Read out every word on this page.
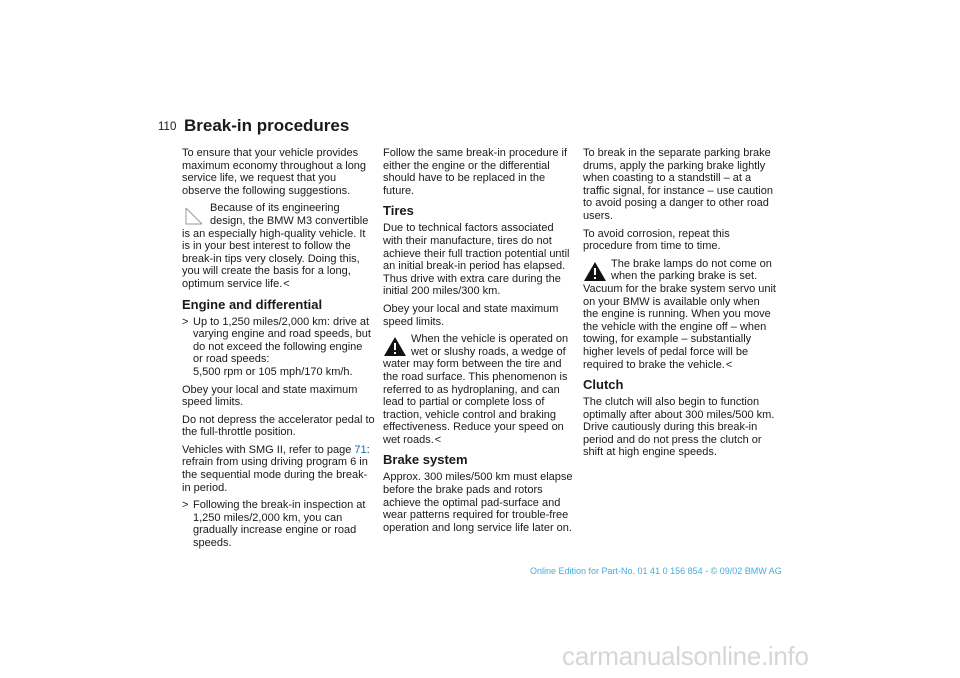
110 Break-in procedures

To ensure that your vehicle provides maximum economy throughout a long service life, we request that you observe the following suggestions.

Because of its engineering design, the BMW M3 convertible is an especially high-quality vehicle. It is in your best interest to follow the break-in tips very closely. Doing this, you will create the basis for a long, optimum service life.<
Engine and differential
> Up to 1,250 miles/2,000 km: drive at varying engine and road speeds, but do not exceed the following engine or road speeds:
5,500 rpm or 105 mph/170 km/h.

Obey your local and state maximum speed limits.

Do not depress the accelerator pedal to the full-throttle position.

Vehicles with SMG II, refer to page 71: refrain from using driving program 6 in the sequential mode during the break-in period.

> Following the break-in inspection at 1,250 miles/2,000 km, you can gradually increase engine or road speeds.

Follow the same break-in procedure if either the engine or the differential should have to be replaced in the future.

Tires

Due to technical factors associated with their manufacture, tires do not achieve their full traction potential until an initial break-in period has elapsed. Thus drive with extra care during the initial 200 miles/300 km.

Obey your local and state maximum speed limits.

When the vehicle is operated on wet or slushy roads, a wedge of water may form between the tire and the road surface. This phenomenon is referred to as hydroplaning, and can lead to partial or complete loss of traction, vehicle control and braking effectiveness. Reduce your speed on wet roads.<
Brake system

Approx. 300 miles/500 km must elapse before the brake pads and rotors achieve the optimal pad-surface and wear patterns required for trouble-free operation and long service life later on.

To break in the separate parking brake drums, apply the parking brake lightly when coasting to a standstill – at a traffic signal, for instance – use caution to avoid posing a danger to other road users.

To avoid corrosion, repeat this procedure from time to time.

The brake lamps do not come on when the parking brake is set. Vacuum for the brake system servo unit on your BMW is available only when the engine is running. When you move the vehicle with the engine off – when towing, for example – substantially higher levels of pedal force will be required to brake the vehicle.<
Clutch

The clutch will also begin to function optimally after about 300 miles/500 km. Drive cautiously during this break-in period and do not press the clutch or shift at high engine speeds.

Online Edition for Part-No. 01 41 0 156 854 - © 09/02 BMW AG
carmanualsonline.info
